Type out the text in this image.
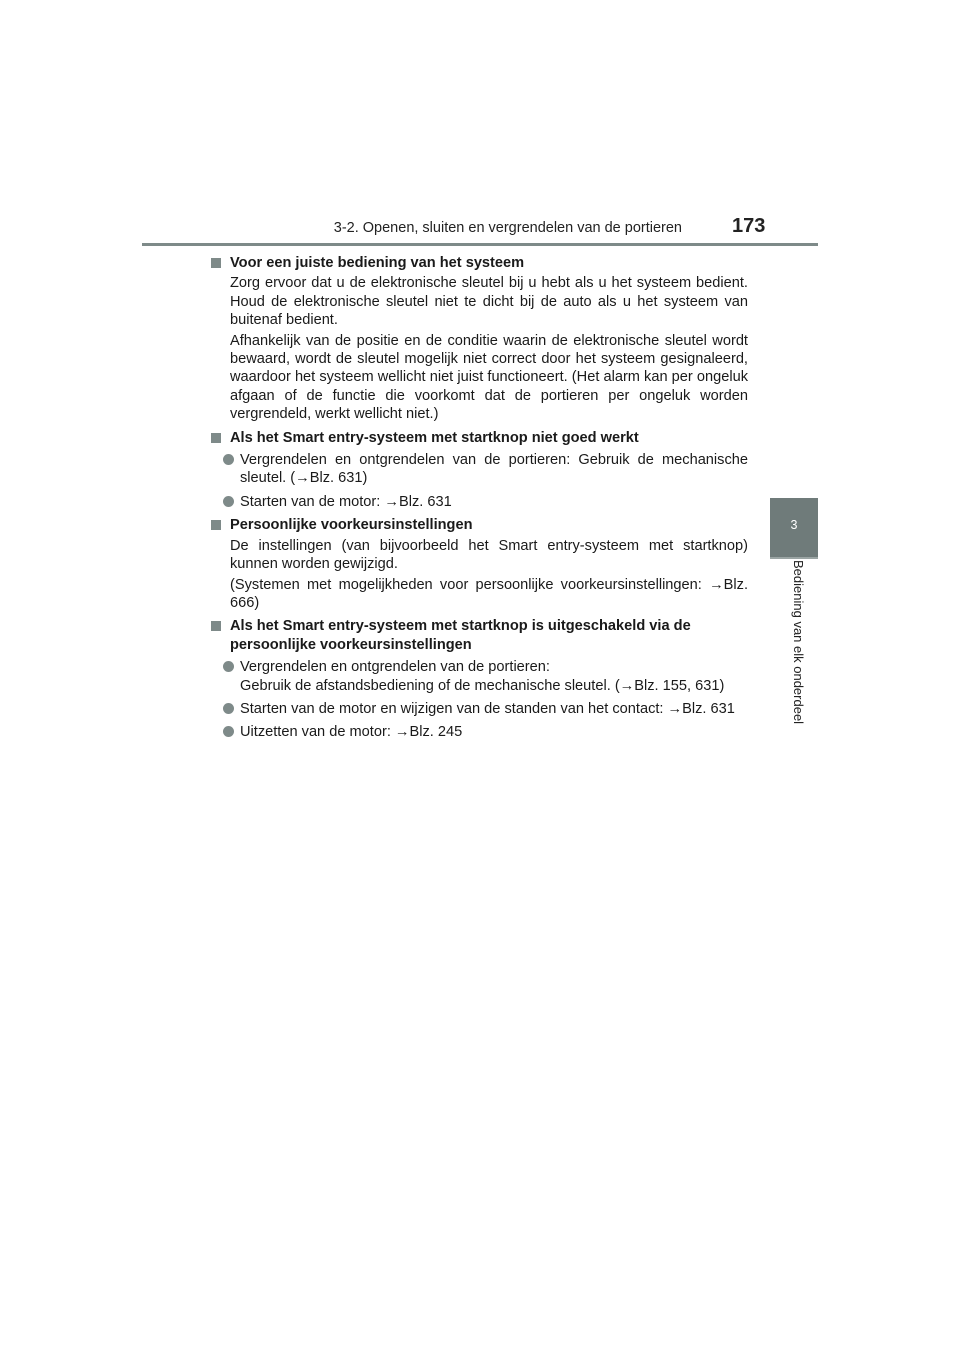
3-2. Openen, sluiten en vergrendelen van de portieren	173
3
Bediening van elk onderdeel
Voor een juiste bediening van het systeem
Zorg ervoor dat u de elektronische sleutel bij u hebt als u het systeem bedient. Houd de elektronische sleutel niet te dicht bij de auto als u het systeem van buitenaf bedient.
Afhankelijk van de positie en de conditie waarin de elektronische sleutel wordt bewaard, wordt de sleutel mogelijk niet correct door het systeem gesignaleerd, waardoor het systeem wellicht niet juist functioneert. (Het alarm kan per ongeluk afgaan of de functie die voorkomt dat de portieren per ongeluk worden vergrendeld, werkt wellicht niet.)
Als het Smart entry-systeem met startknop niet goed werkt
Vergrendelen en ontgrendelen van de portieren: Gebruik de mechanische sleutel. (→Blz. 631)
Starten van de motor: →Blz. 631
Persoonlijke voorkeursinstellingen
De instellingen (van bijvoorbeeld het Smart entry-systeem met startknop) kunnen worden gewijzigd.
(Systemen met mogelijkheden voor persoonlijke voorkeursinstellingen: →Blz. 666)
Als het Smart entry-systeem met startknop is uitgeschakeld via de persoonlijke voorkeursinstellingen
Vergrendelen en ontgrendelen van de portieren:
Gebruik de afstandsbediening of de mechanische sleutel. (→Blz. 155, 631)
Starten van de motor en wijzigen van de standen van het contact: →Blz. 631
Uitzetten van de motor: →Blz. 245
